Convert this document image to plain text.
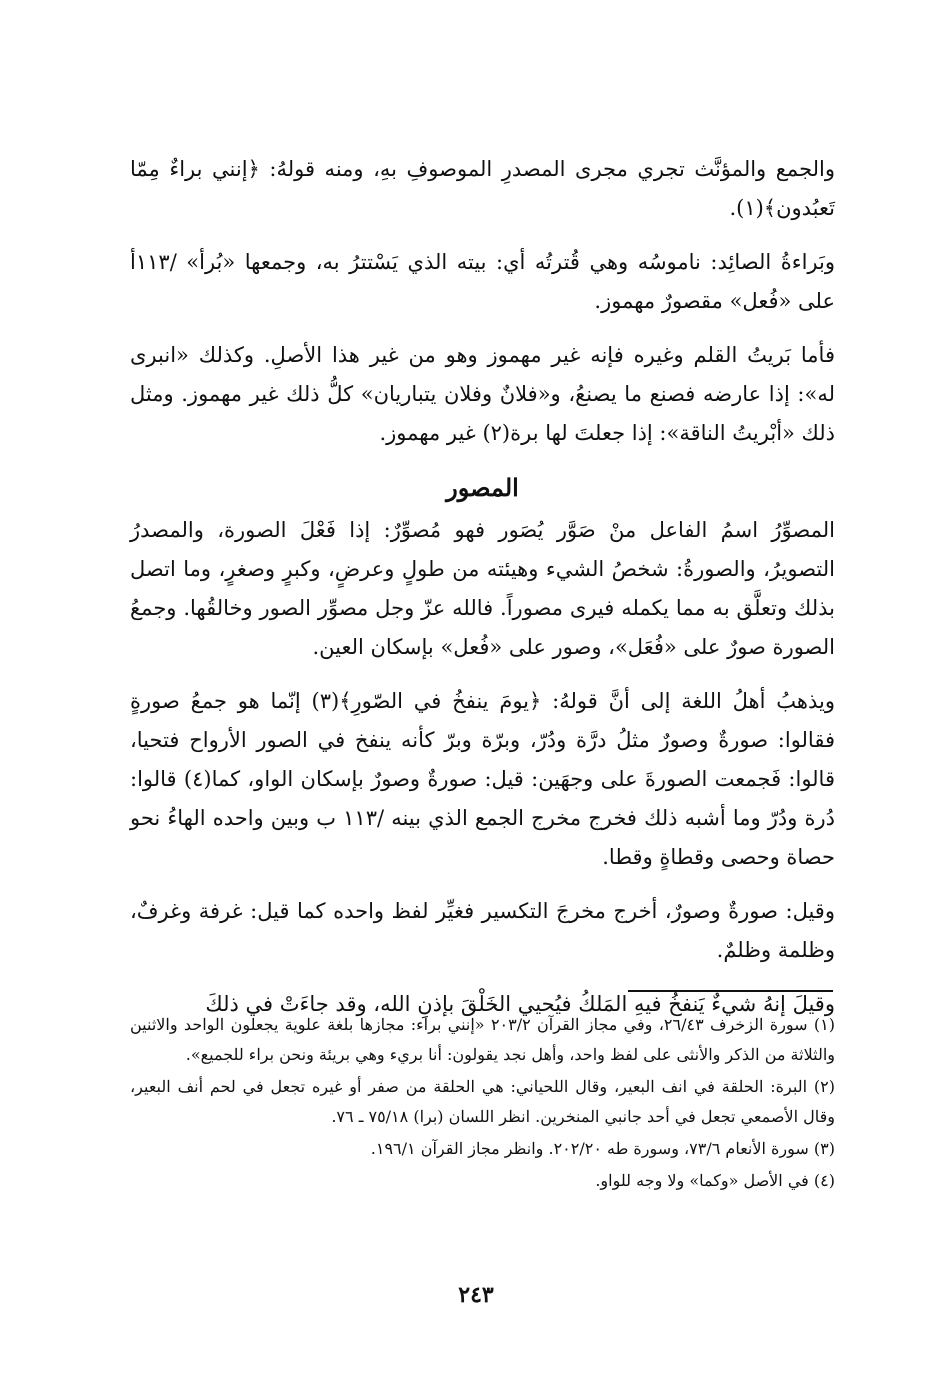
والجمع والمؤنَّث تجري مجرى المصدرِ الموصوفِ بهِ، ومنه قولهُ: ﴿إنني براءٌ مِمّا تَعبُدون﴾(١).

وبَراءةُ الصائِد: ناموسُه وهي قُترتُه أي: بيته الذي يَسْتترُ به، وجمعها «بُرأ» /١١٣أ على «فُعل» مقصورٌ مهموز.

فأما بَريتُ القلم وغيره فإنه غير مهموز وهو من غير هذا الأصلِ. وكذلك «انبرى له»: إذا عارضه فصنع ما يصنعُ، و«فلانٌ وفلان يتباريان» كلُّ ذلك غير مهموز. ومثل ذلك «أبْريتُ الناقة»: إذا جعلتَ لها برة(٢) غير مهموز.

المصور

المصوِّرُ اسمُ الفاعل منْ صَوَّر يُصَور فهو مُصوِّرٌ: إذا فَعْلَ الصورة، والمصدرُ التصويرُ، والصورةُ: شخصُ الشيء وهيئته من طولٍ وعرضٍ، وكبرٍ وصغرٍ، وما اتصل بذلك وتعلَّق به مما يكمله فيرى مصوراً. فالله عزّ وجل مصوِّر الصور وخالقُها. وجمعُ الصورة صورٌ على «فُعَل»، وصور على «فُعل» بإسكان العين.

ويذهبُ أهلُ اللغة إلى أنَّ قولهُ: ﴿يومَ ينفخُ في الصّورِ﴾(٣) إنّما هو جمعُ صورةٍ فقالوا: صورةٌ وصورٌ مثلُ درَّة ودُرّ، وبرّة وبرّ كأنه ينفخ في الصور الأرواح فتحيا، قالوا: فَجمعت الصورةَ على وجهَين: قيل: صورةٌ وصورٌ بإسكان الواو، كما(٤) قالوا: دُرة ودُرّ وما أشبه ذلك فخرج مخرج الجمع الذي بينه /١١٣ ب وبين واحده الهاءُ نحو حصاة وحصى وقطاةٍ وقطا.

وقيل: صورةٌ وصورٌ، أخرج مخرجَ التكسير فغيِّر لفظ واحده كما قيل: غرفة وغرفٌ، وظلمة وظلمٌ.

وقيلَ إنهُ شيءٌ يَنفخُ فيهِ المَلكُ فيُحيي الخَلْقَ بإذنِ الله، وقد جاءَتْ في ذلكَ

(١) سورة الزخرف ٢٦/٤٣، وفي مجاز القرآن ٢٠٣/٢ «إنني براء: مجازها بلغة علوية يجعلون الواحد والاثنين والثلاثة من الذكر والأنثى على لفظ واحد، وأهل نجد يقولون: أنا بريء وهي بريئة ونحن براء للجميع».

(٢) البرة: الحلقة في انف البعير، وقال اللحياني: هي الحلقة من صفر أو غيره تجعل في لحم أنف البعير، وقال الأصمعي تجعل في أحد جانبي المنخرين. انظر اللسان (برا) ٧٥/١٨ ـ ٧٦.

(٣) سورة الأنعام ٧٣/٦، وسورة طه ٢٠٢/٢٠. وانظر مجاز القرآن ١٩٦/١.

(٤) في الأصل «وكما» ولا وجه للواو.

٢٤٣
